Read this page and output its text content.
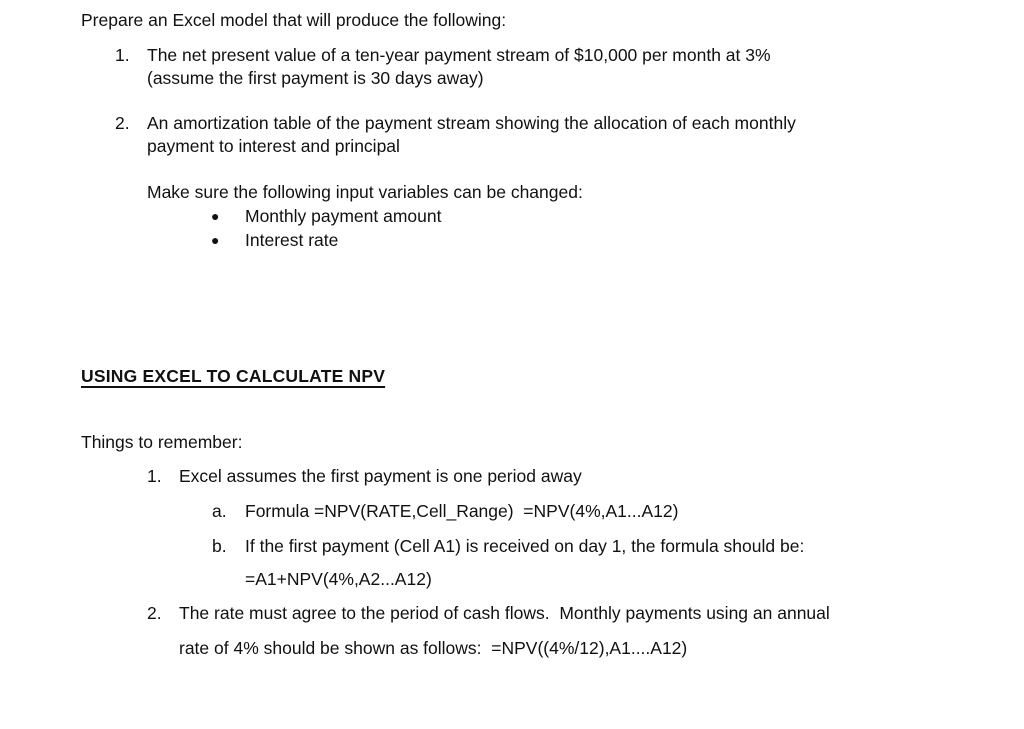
Prepare an Excel model that will produce the following:
1. The net present value of a ten-year payment stream of $10,000 per month at 3%
(assume the first payment is 30 days away)
2. An amortization table of the payment stream showing the allocation of each monthly
payment to interest and principal
Make sure the following input variables can be changed:
● Monthly payment amount
● Interest rate
USING EXCEL TO CALCULATE NPV
Things to remember:
1. Excel assumes the first payment is one period away
a. Formula =NPV(RATE,Cell_Range)  =NPV(4%,A1...A12)
b. If the first payment (Cell A1) is received on day 1, the formula should be:
=A1+NPV(4%,A2...A12)
2. The rate must agree to the period of cash flows.  Monthly payments using an annual
rate of 4% should be shown as follows:  =NPV((4%/12),A1....A12)
